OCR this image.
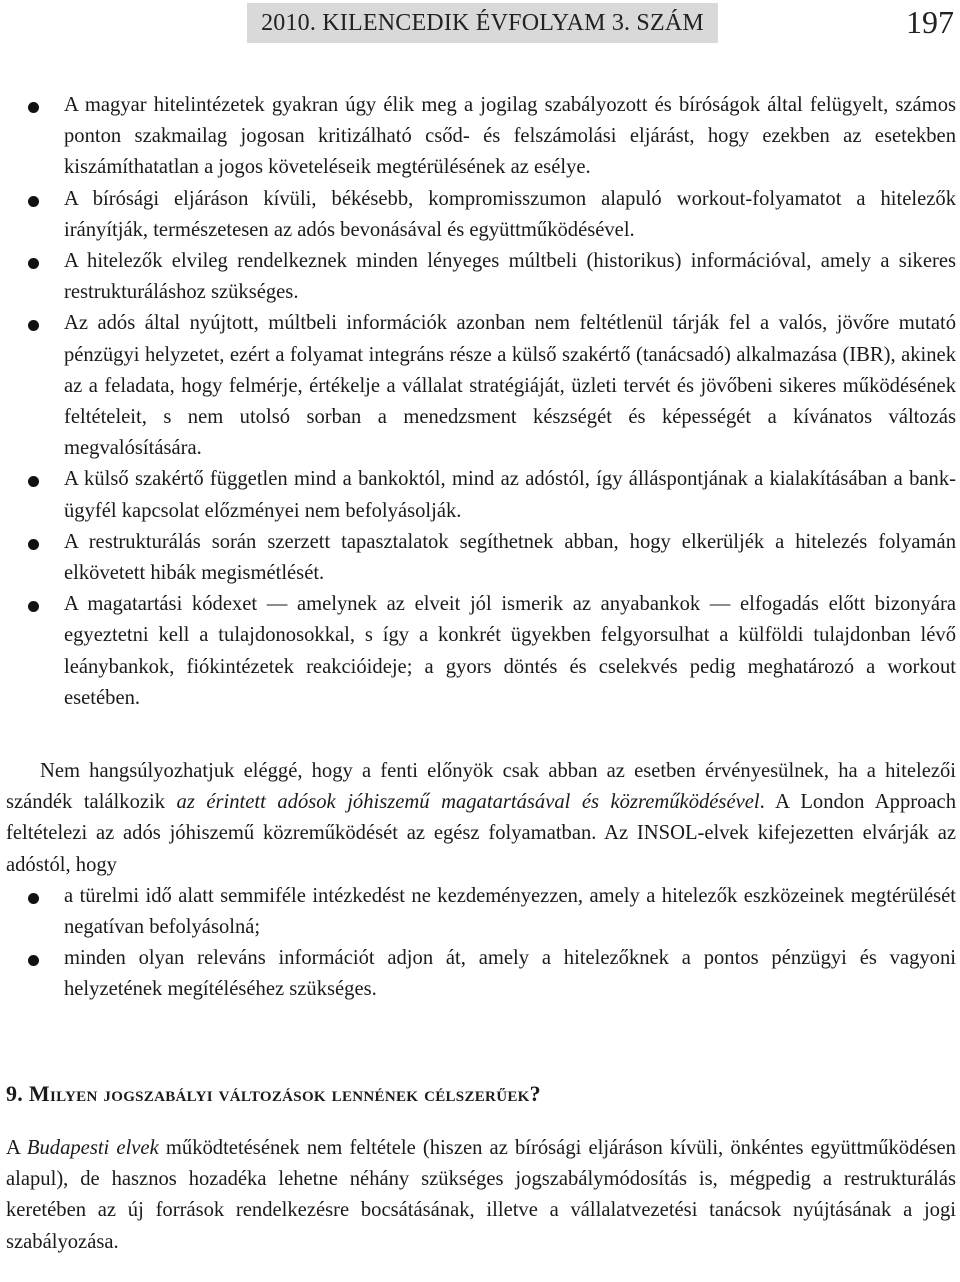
2010. KILENCEDIK ÉVFOLYAM 3. SZÁM	197
A magyar hitelintézetek gyakran úgy élik meg a jogilag szabályozott és bíróságok által felügyelt, számos ponton szakmailag jogosan kritizálható csőd- és felszámolási eljárást, hogy ezekben az esetekben kiszámíthatatlan a jogos követeléseik megtérülésének az esélye.
A bírósági eljáráson kívüli, békésebb, kompromisszumon alapuló workout-folyamatot a hitelezők irányítják, természetesen az adós bevonásával és együttműködésével.
A hitelezők elvileg rendelkeznek minden lényeges múltbeli (historikus) információval, amely a sikeres restrukturáláshoz szükséges.
Az adós által nyújtott, múltbeli információk azonban nem feltétlenül tárják fel a valós, jövőre mutató pénzügyi helyzetet, ezért a folyamat integráns része a külső szakértő (tanácsadó) alkalmazása (IBR), akinek az a feladata, hogy felmérje, értékelje a vállalat stratégiáját, üzleti tervét és jövőbeni sikeres működésének feltételeit, s nem utolsó sorban a menedzsment készségét és képességét a kívánatos változás megvalósítására.
A külső szakértő független mind a bankoktól, mind az adóstól, így álláspontjának a kialakításában a bank-ügyfél kapcsolat előzményei nem befolyásolják.
A restrukturálás során szerzett tapasztalatok segíthetnek abban, hogy elkerüljék a hitelezés folyamán elkövetett hibák megismétlését.
A magatartási kódexet — amelynek az elveit jól ismerik az anyabankok — elfogadás előtt bizonyára egyeztetni kell a tulajdonosokkal, s így a konkrét ügyekben felgyorsulhat a külföldi tulajdonban lévő leánybankok, fiókintézetek reakcióideje; a gyors döntés és cselekvés pedig meghatározó a workout esetében.

Nem hangsúlyozhatjuk eléggé, hogy a fenti előnyök csak abban az esetben érvényesülnek, ha a hitelezői szándék találkozik az érintett adósok jóhiszemű magatartásával és közreműködésével. A London Approach feltételezi az adós jóhiszemű közreműködését az egész folyamatban. Az INSOL-elvek kifejezetten elvárják az adóstól, hogy

a türelmi idő alatt semmiféle intézkedést ne kezdeményezzen, amely a hitelezők eszközeinek megtérülését negatívan befolyásolná;
minden olyan releváns információt adjon át, amely a hitelezőknek a pontos pénzügyi és vagyoni helyzetének megítéléséhez szükséges.
9. Milyen jogszabályi változások lennének célszerűek?

A Budapesti elvek működtetésének nem feltétele (hiszen az bírósági eljáráson kívüli, önkéntes együttműködésen alapul), de hasznos hozadéka lehetne néhány szükséges jogszabálymódosítás is, mégpedig a restrukturálás keretében az új források rendelkezésre bocsátásának, illetve a vállalatvezetési tanácsok nyújtásának a jogi szabályozása.
